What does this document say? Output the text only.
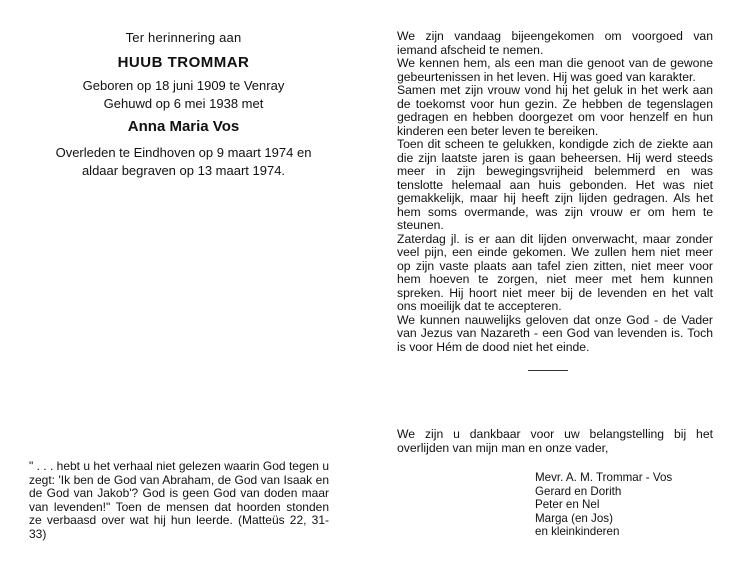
Ter herinnering aan
HUUB TROMMAR
Geboren op 18 juni 1909 te Venray
Gehuwd op 6 mei 1938 met
Anna Maria Vos
Overleden te Eindhoven op 9 maart 1974 en
aldaar begraven op 13 maart 1974.
" . . . hebt u het verhaal niet gelezen waarin God tegen u zegt: 'Ik ben de God van Abraham, de God van Isaak en de God van Jakob'? God is geen God van doden maar van levenden!" Toen de mensen dat hoorden stonden ze verbaasd over wat hij hun leerde. (Matteüs 22, 31-33)
We zijn vandaag bijeengekomen om voorgoed van iemand afscheid te nemen.
We kennen hem, als een man die genoot van de gewone gebeurtenissen in het leven. Hij was goed van karakter.
Samen met zijn vrouw vond hij het geluk in het werk aan de toekomst voor hun gezin. Ze hebben de tegenslagen gedragen en hebben doorgezet om voor henzelf en hun kinderen een beter leven te bereiken.
Toen dit scheen te gelukken, kondigde zich de ziekte aan die zijn laatste jaren is gaan beheersen. Hij werd steeds meer in zijn bewegingsvrijheid belemmerd en was tenslotte helemaal aan huis gebonden. Het was niet gemakkelijk, maar hij heeft zijn lijden gedragen. Als het hem soms overmande, was zijn vrouw er om hem te steunen.
Zaterdag jl. is er aan dit lijden onverwacht, maar zonder veel pijn, een einde gekomen. We zullen hem niet meer op zijn vaste plaats aan tafel zien zitten, niet meer voor hem hoeven te zorgen, niet meer met hem kunnen spreken. Hij hoort niet meer bij de levenden en het valt ons moeilijk dat te accepteren.
We kunnen nauwelijks geloven dat onze God - de Vader van Jezus van Nazareth - een God van levenden is. Toch is voor Hém de dood niet het einde.
We zijn u dankbaar voor uw belangstelling bij het overlijden van mijn man en onze vader,
Mevr. A. M. Trommar - Vos
Gerard en Dorith
Peter en Nel
Marga (en Jos)
en kleinkinderen
